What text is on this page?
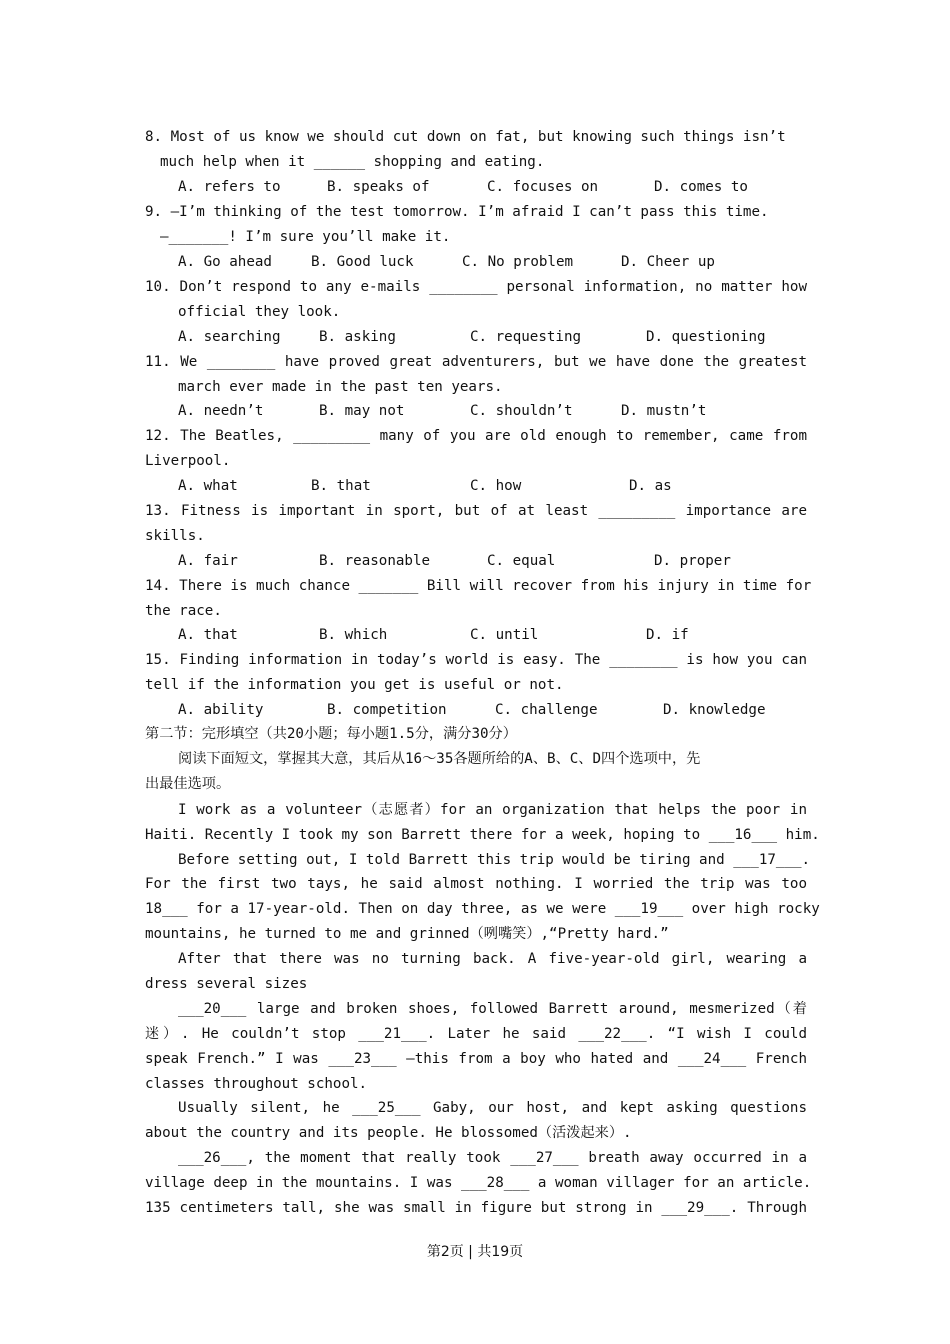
8. Most of us know we should cut down on fat, but knowing such things isn’t

much help when it ______ shopping and eating.

A. refers to	B. speaks of	C. focuses on	D. comes to

9. —I’m thinking of the test tomorrow. I’m afraid I can’t pass this time.

—_______! I’m sure you’ll make it.

A. Go ahead	B. Good luck	C. No problem	D. Cheer up

10. Don’t respond to any e-mails ________ personal information, no matter how

official they look.

A. searching	B. asking	C. requesting	D. questioning

11. We ________ have proved great adventurers, but we have done the greatest

march ever made in the past ten years.

A. needn’t	B. may not	C. shouldn’t	D. mustn’t

12. The Beatles, _________ many of you are old enough to remember, came from

Liverpool.

A. what	B. that	C. how	D. as

13. Fitness is important in sport, but of at least _________ importance are

skills.

A. fair	B. reasonable	C. equal	D. proper

14. There is much chance _______ Bill will recover from his injury in time for

the race.

A. that	B. which	C. until	D. if

15. Finding information in today’s world is easy. The ________ is how you can

tell if the information you get is useful or not.

A. ability	B. competition	C. challenge	D. knowledge

第二节：完形填空（共20小题；每小题1.5分，满分30分）

阅读下面短文，掌握其大意，其后从16～35各题所给的A、B、C、D四个选项中，先

出最佳选项。

I work as a volunteer（志愿者）for an organization that helps the poor in

Haiti. Recently I took my son Barrett there for a week, hoping to ___16___ him.

Before setting out, I told Barrett this trip would be tiring and ___17___.

For the first two tays, he said almost nothing. I worried the trip was too

18___ for a 17-year-old. Then on day three, as we were ___19___ over high rocky

mountains, he turned to me and grinned（咧嘴笑）,“Pretty hard.”

After that there was no turning back. A five-year-old girl, wearing a

dress several sizes

___20___ large and broken shoes, followed Barrett around, mesmerized（着

迷）. He couldn’t stop ___21___. Later he said ___22___. “I wish I could

speak French.” I was ___23___ —this from a boy who hated and ___24___ French

classes throughout school.

Usually silent, he ___25___ Gaby, our host, and kept asking questions

about the country and its people. He blossomed（活泼起来）.

___26___, the moment that really took ___27___ breath away occurred in a

village deep in the mountains. I was ___28___ a woman villager for an article.

135 centimeters tall, she was small in figure but strong in ___29___. Through

第2页 | 共19页
